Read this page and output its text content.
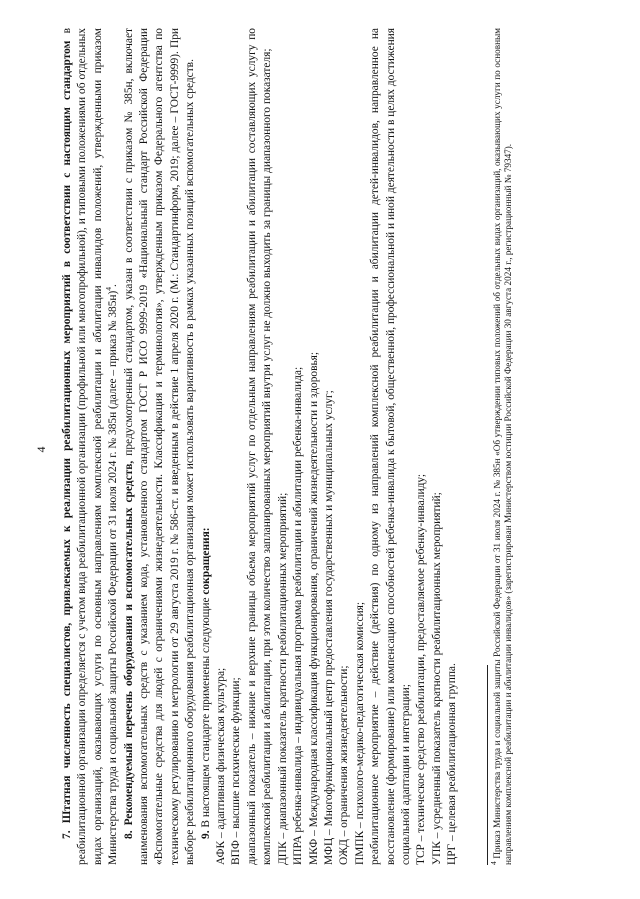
4

7. Штатная численность специалистов, привлекаемых к реализации реабилитационных мероприятий в соответствии с настоящим стандартом в реабилитационной организации определяется с учетом вида реабилитационной организации (профильной или многопрофильной), и типовыми положениями об отдельных видах организаций, оказывающих услуги по основным направлениям комплексной реабилитации и абилитации инвалидов положений, утвержденными приказом Министерства труда и социальной защиты Российской Федерации от 31 июля 2024 г. № 385н (далее – приказ № 385н)$^4$.

8. Рекомендуемый перечень оборудования и вспомогательных средств, предусмотренный стандартом, указан в соответствии с приказом № 385н, включает наименования вспомогательных средств с указанием кода, установленного стандартом ГОСТ Р ИСО 9999-2019 «Национальный стандарт Российской Федерации «Вспомогательные средства для людей с ограничениями жизнедеятельности. Классификация и терминология», утвержденным приказом Федерального агентства по техническому регулированию и метрологии от 29 августа 2019 г. № 586-ст. и введенным в действие 1 апреля 2020 г. (М.: Стандартинформ, 2019; далее – ГОСТ-9999). При выборе реабилитационного оборудования реабилитационная организация может использовать вариативность в рамках указанных позиций вспомогательных средств. 9. В настоящем стандарте применены следующие сокращения:

АФК – адаптивная физическая культура; ВПФ – высшие психические функции; диапазонный показатель – нижние и верхние границы объема мероприятий услуг по отдельным направлениям реабилитации и абилитации составляющих услугу по комплексной реабилитации и абилитации, при этом количество запланированных мероприятий внутри услуг не должно выходить за границы диапазонного показателя; ДПК – диапазонный показатель кратности реабилитационных мероприятий; ИПРА ребенка-инвалида – индивидуальная программа реабилитации и абилитации ребенка-инвалида; МКФ – Международная классификация функционирования, ограничений жизнедеятельности и здоровья; МФЦ – Многофункциональный центр предоставления государственных и муниципальных услуг; ОЖД – ограничения жизнедеятельности; ПМПК – психолого-медико-педагогическая комиссия; реабилитационное мероприятие – действие (действия) по одному из направлений комплексной реабилитации и абилитации детей-инвалидов, направленное на восстановление (формирование) или компенсацию способностей ребенка-инвалида к бытовой, общественной, профессиональной и иной деятельности в целях достижения социальной адаптации и интеграции; ТСР – техническое средство реабилитации, предоставляемое ребенку-инвалиду; УПК – усредненный показатель кратности реабилитационных мероприятий; ЦРГ – целевая реабилитационная группа.	$^4$ Приказ Министерства труда и социальной защиты Российской Федерации от 31 июля 2024 г. № 385н «Об утверждении типовых положений об отдельных видах организаций, оказывающих услуги по основным направлениям комплексной реабилитации и абилитации инвалидов» (зарегистрирован Министерством юстиции Российской Федерации 30 августа 2024 г., регистрационный № 79347).
